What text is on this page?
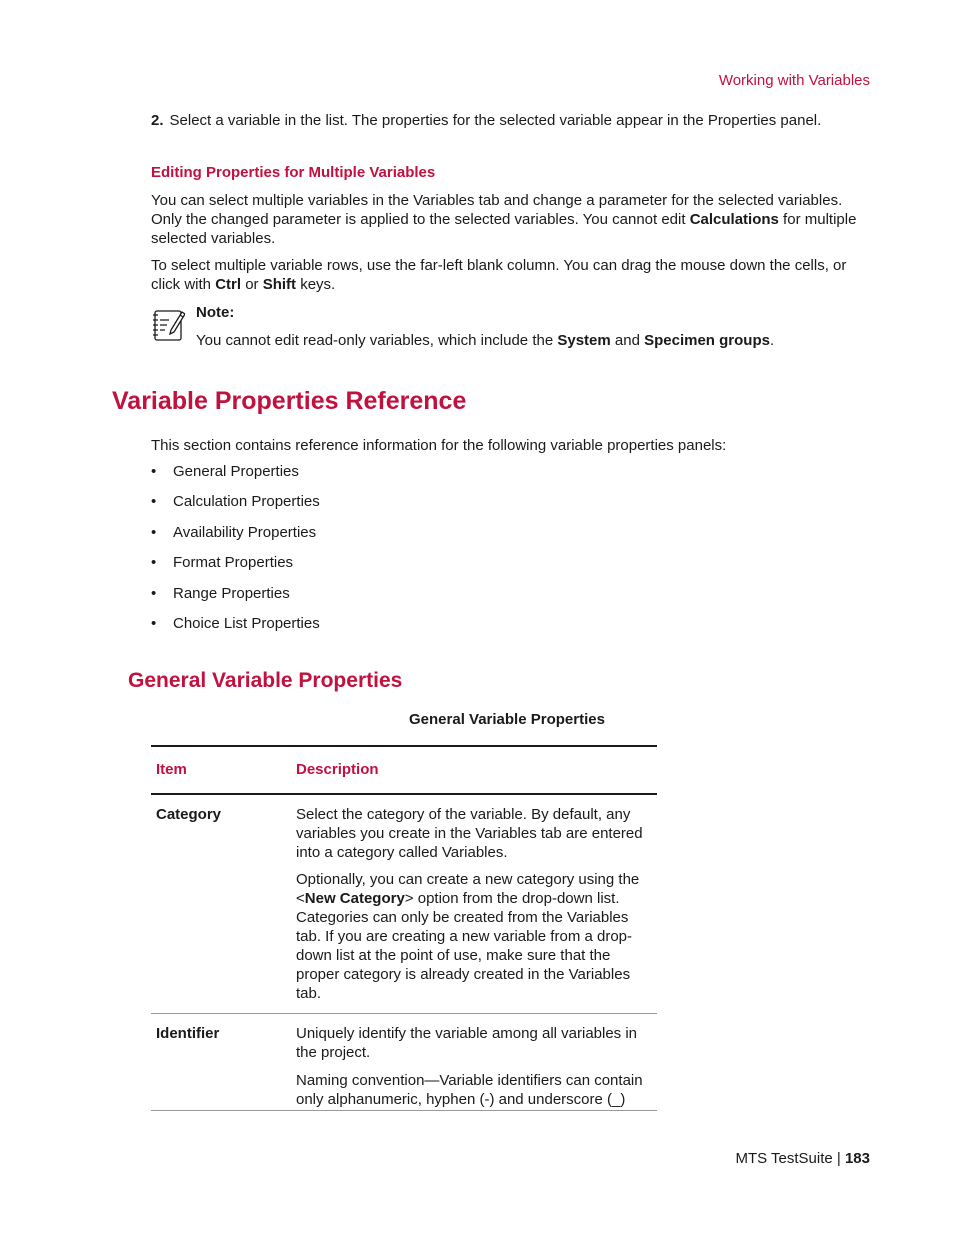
Working with Variables
2. Select a variable in the list. The properties for the selected variable appear in the Properties panel.
Editing Properties for Multiple Variables
You can select multiple variables in the Variables tab and change a parameter for the selected variables. Only the changed parameter is applied to the selected variables. You cannot edit Calculations for multiple selected variables.
To select multiple variable rows, use the far-left blank column. You can drag the mouse down the cells, or click with Ctrl or Shift keys.
Note:
You cannot edit read-only variables, which include the System and Specimen groups.
Variable Properties Reference
This section contains reference information for the following variable properties panels:
• General Properties
• Calculation Properties
• Availability Properties
• Format Properties
• Range Properties
• Choice List Properties
General Variable Properties
General Variable Properties
Item	Description
Category	Select the category of the variable. By default, any variables you create in the Variables tab are entered into a category called Variables.
Optionally, you can create a new category using the <New Category> option from the drop-down list. Categories can only be created from the Variables tab. If you are creating a new variable from a drop-down list at the point of use, make sure that the proper category is already created in the Variables tab.
Identifier	Uniquely identify the variable among all variables in the project.
Naming convention—Variable identifiers can contain only alphanumeric, hyphen (-) and underscore (_)
MTS TestSuite | 183
